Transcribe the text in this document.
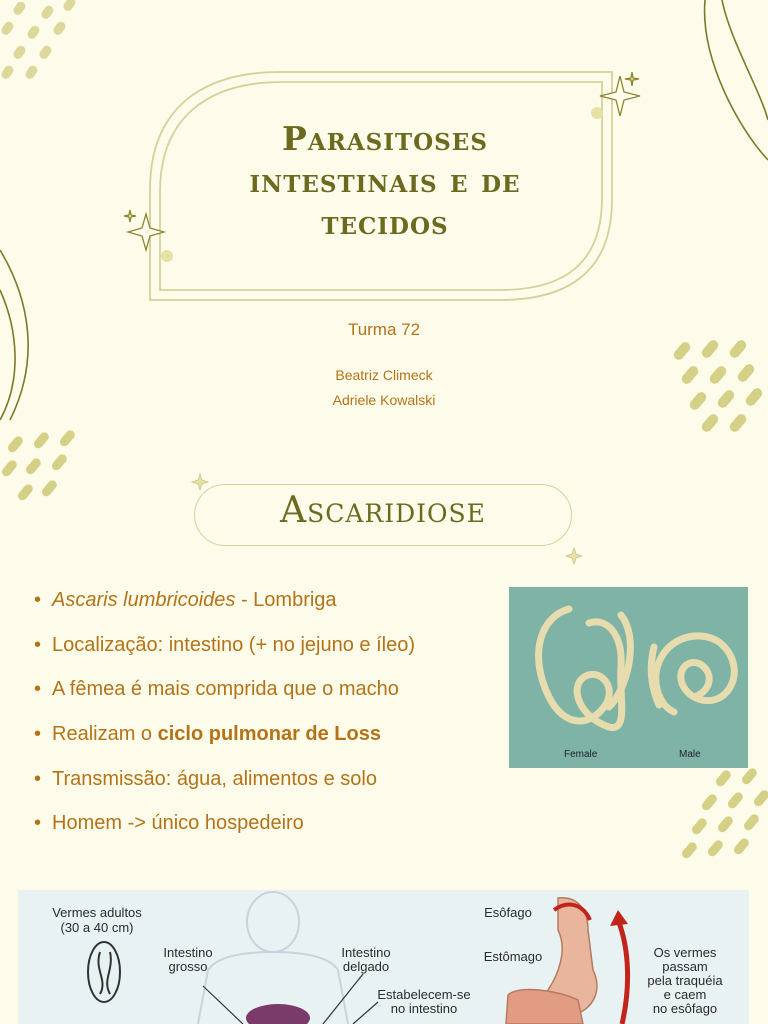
Parasitoses
intestinais e de
tecidos
Turma 72
Beatriz Climeck
Adriele Kowalski
Ascaridiose
• Ascaris lumbricoides - Lombriga
• Localização: intestino (+ no jejuno e íleo)
• A fêmea é mais comprida que o macho
• Realizam o ciclo pulmonar de Loss
• Transmissão: água, alimentos e solo
• Homem -> único hospedeiro
Female	Male
Vermes adultos
(30 a 40 cm)
Intestino
grosso
Intestino
delgado
Estabelecem-se
no intestino
Esôfago
Estômago	Os vermes
passam
pela traquéia
e caem
no esôfago
